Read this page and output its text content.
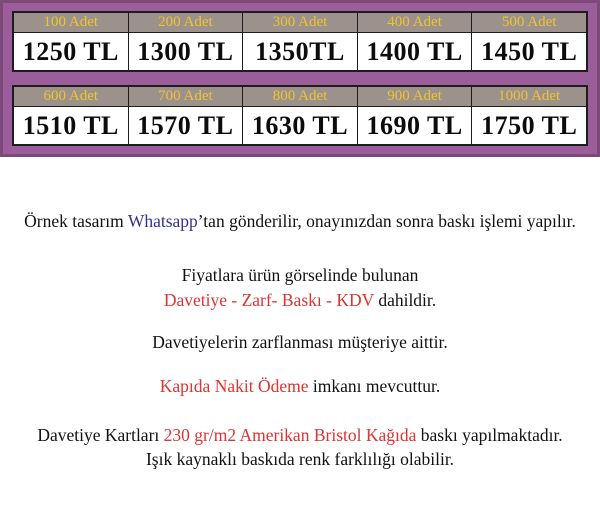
100 Adet	200 Adet	300 Adet	400 Adet	500 Adet
1250 TL 1300 TL 1350TL 1400 TL 1450 TL
600 Adet	700 Adet	800 Adet	900 Adet	1000 Adet
1510 TL 1570 TL 1630 TL 1690 TL 1750 TL

Örnek tasarım Whatsapp’tan gönderilir, onayınızdan sonra baskı işlemi yapılır.

Fiyatlara ürün görselinde bulunan

Davetiye - Zarf- Baskı - KDV dahildir.

Davetiyelerin zarflanması müşteriye aittir.

Kapıda Nakit Ödeme imkanı mevcuttur.

Davetiye Kartları 230 gr/m2 Amerikan Bristol Kağıda baskı yapılmaktadır.

Işık kaynaklı baskıda renk farklılığı olabilir.
